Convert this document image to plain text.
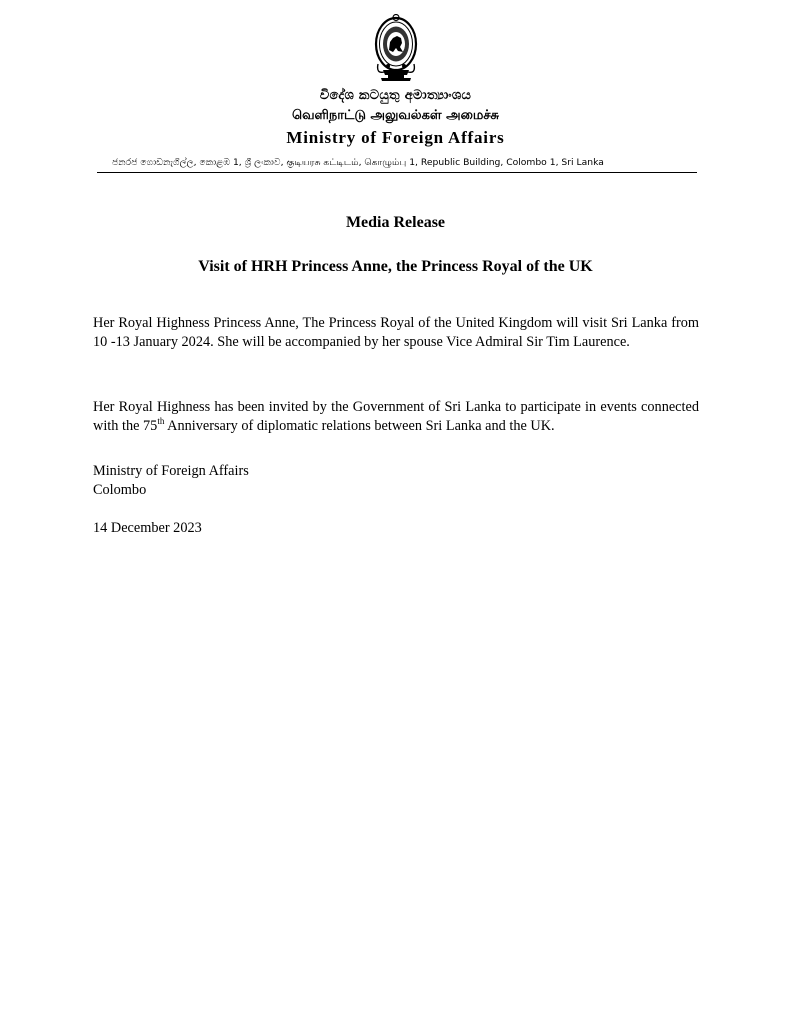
විදේශ කටයුතු අමාත්‍යාංශය
வெளிநாட்டு அலுவல்கள் அமைச்சு
Ministry of Foreign Affairs
ජනරජ ගොඩනැගිල්ල, කොළඹ 1, ශ්‍රී ලංකාව, குடியரசு கட்டிடம், கொழும்பு 1, Republic Building, Colombo 1, Sri Lanka
Media Release
Visit of HRH Princess Anne, the Princess Royal of the UK

Her Royal Highness Princess Anne, The Princess Royal of the United Kingdom will visit Sri Lanka from 10 -13 January 2024. She will be accompanied by her spouse Vice Admiral Sir Tim Laurence.

Her Royal Highness has been invited by the Government of Sri Lanka to participate in events connected with the 75th Anniversary of diplomatic relations between Sri Lanka and the UK.

Ministry of Foreign Affairs
Colombo
14 December 2023
